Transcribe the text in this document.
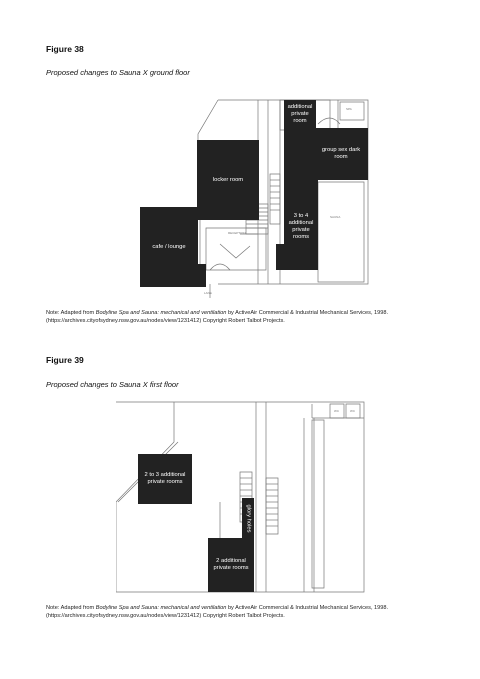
Figure 38
Proposed changes to Sauna X ground floor
RECEPTION
SAUNA
SPA
LANE
additional private room
group sex dark room
3 to 4 additional private rooms
locker room
cafe / lounge
Note: Adapted from Bodyline Spa and Sauna: mechanical and ventilation by ActiveAir Commercial & Industrial Mechanical Services, 1998. (https://archives.cityofsydney.nsw.gov.au/nodes/view/1231412) Copyright Robert Talbot Projects.
Figure 39
Proposed changes to Sauna X first floor
WC	WC
2 to 3 additional private rooms
glory holes
2 additional private rooms
Note: Adapted from Bodyline Spa and Sauna: mechanical and ventilation by ActiveAir Commercial & Industrial Mechanical Services, 1998. (https://archives.cityofsydney.nsw.gov.au/nodes/view/1231412) Copyright Robert Talbot Projects.
